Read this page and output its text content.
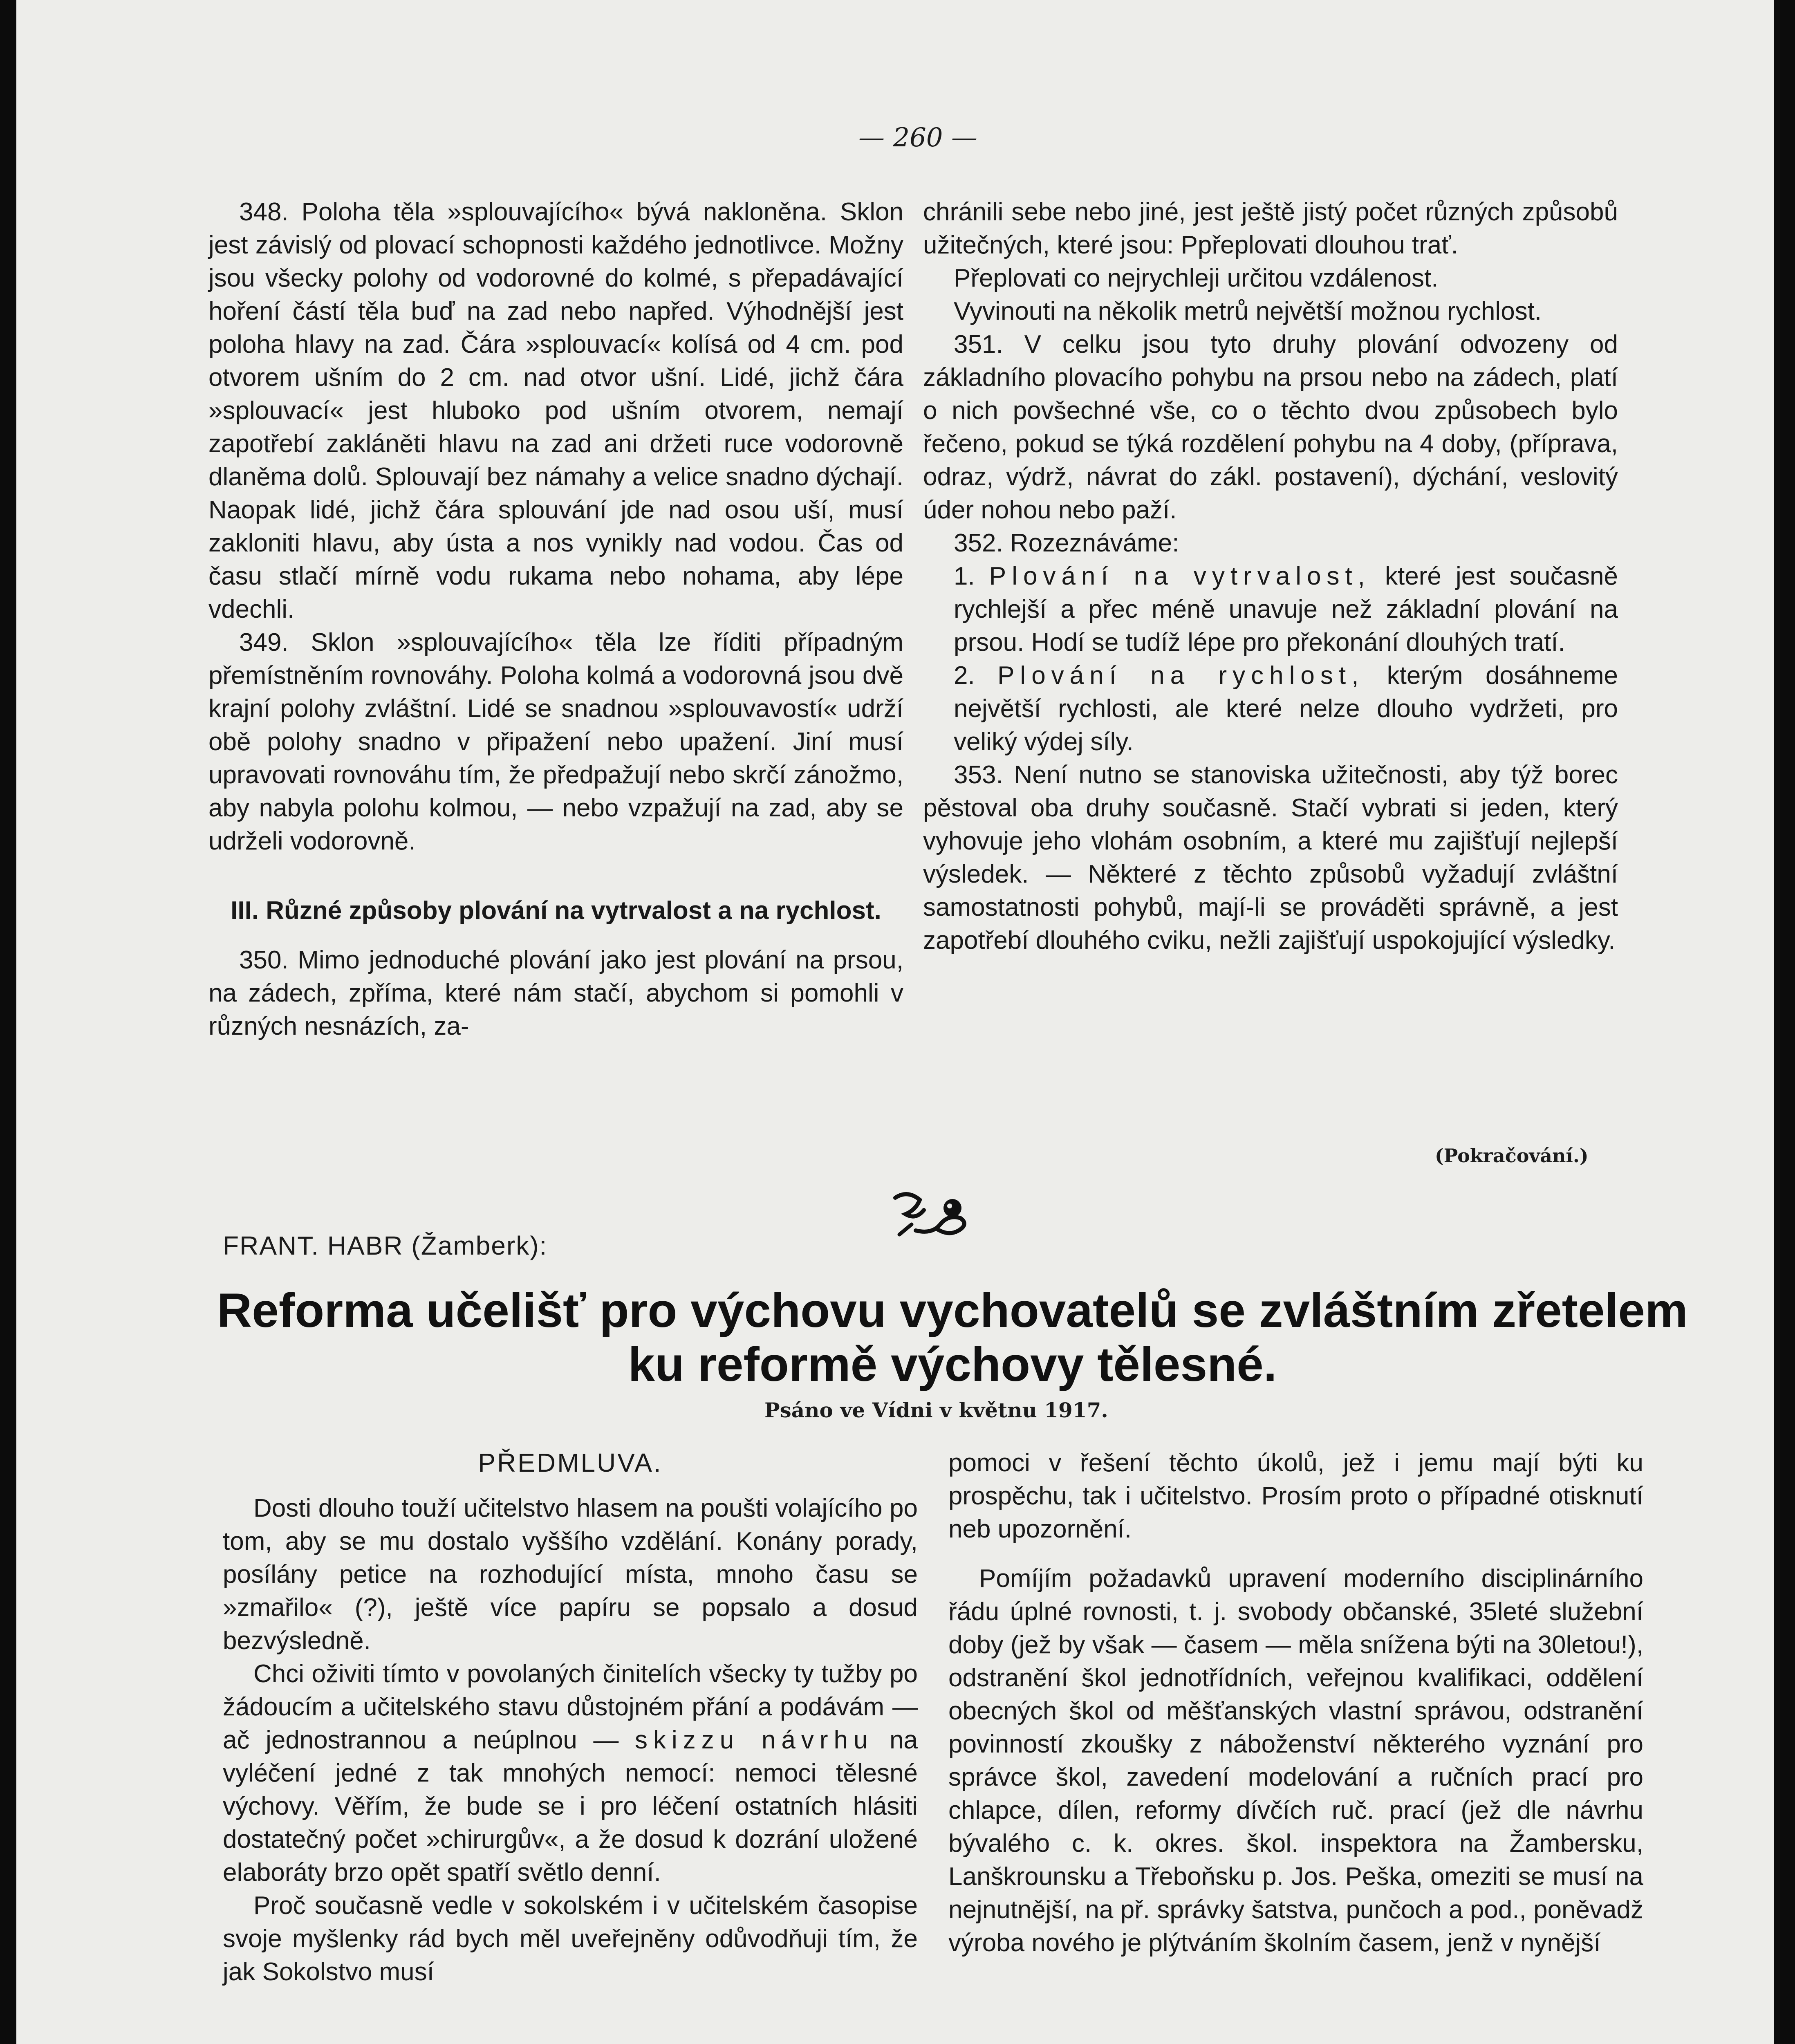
— 260 —

348. Poloha těla »splouvajícího« bývá nakloněna. Sklon jest závislý od plovací schopnosti každého jednotlivce. Možny jsou všecky polohy od vodorovné do kolmé, s přepadávající hoření částí těla buď na zad nebo napřed. Výhodnější jest poloha hlavy na zad. Čára »splouvací« kolísá od 4 cm. pod otvorem ušním do 2 cm. nad otvor ušní. Lidé, jichž čára »splouvací« jest hluboko pod ušním otvorem, nemají zapotřebí zakláněti hlavu na zad ani držeti ruce vodorovně dlaněma dolů. Splouvají bez námahy a velice snadno dýchají. Naopak lidé, jichž čára splouvání jde nad osou uší, musí zakloniti hlavu, aby ústa a nos vynikly nad vodou. Čas od času stlačí mírně vodu rukama nebo nohama, aby lépe vdechli.

349. Sklon »splouvajícího« těla lze říditi případným přemístněním rovnováhy. Poloha kolmá a vodorovná jsou dvě krajní polohy zvláštní. Lidé se snadnou »splouvavostí« udrží obě polohy snadno v připažení nebo upažení. Jiní musí upravovati rovnováhu tím, že předpažují nebo skrčí zánožmo, aby nabyla polohu kolmou, — nebo vzpažují na zad, aby se udrželi vodorovně.

III. Různé způsoby plování na vytrvalost a na rychlost.

350. Mimo jednoduché plování jako jest plování na prsou, na zádech, zpříma, které nám stačí, abychom si pomohli v různých nesnázích, za-

chránili sebe nebo jiné, jest ještě jistý počet různých způsobů užitečných, které jsou: Ppřeplovati dlouhou trať.

Přeplovati co nejrychleji určitou vzdálenost.

Vyvinouti na několik metrů největší možnou rychlost.

351. V celku jsou tyto druhy plování odvozeny od základního plovacího pohybu na prsou nebo na zádech, platí o nich povšechné vše, co o těchto dvou způsobech bylo řečeno, pokud se týká rozdělení pohybu na 4 doby, (příprava, odraz, výdrž, návrat do zákl. postavení), dýchání, veslovitý úder nohou nebo paží.

352. Rozeznáváme:

1. Plování na vytrvalost, které jest současně rychlejší a přec méně unavuje než základní plování na prsou. Hodí se tudíž lépe pro překonání dlouhých tratí.

2. Plování na rychlost, kterým dosáhneme největší rychlosti, ale které nelze dlouho vydržeti, pro veliký výdej síly.

353. Není nutno se stanoviska užitečnosti, aby týž borec pěstoval oba druhy současně. Stačí vybrati si jeden, který vyhovuje jeho vlohám osobním, a které mu zajišťují nejlepší výsledek. — Některé z těchto způsobů vyžadují zvláštní samostatnosti pohybů, mají-li se prováděti správně, a jest zapotřebí dlouhého cviku, nežli zajišťují uspokojující výsledky.

(Pokračování.)
FRANT. HABR (Žamberk):
Reforma učelišť pro výchovu vychovatelů se zvláštním zřetelem ku reformě výchovy tělesné.
Psáno ve Vídni v květnu 1917.
PŘEDMLUVA.

Dosti dlouho touží učitelstvo hlasem na poušti volajícího po tom, aby se mu dostalo vyššího vzdělání. Konány porady, posílány petice na rozhodující místa, mnoho času se »zmařilo« (?), ještě více papíru se popsalo a dosud bezvýsledně.

Chci oživiti tímto v povolaných činitelích všecky ty tužby po žádoucím a učitelského stavu důstojném přání a podávám — ač jednostrannou a neúplnou — skizzu návrhu na vyléčení jedné z tak mnohých nemocí: nemoci tělesné výchovy. Věřím, že bude se i pro léčení ostatních hlásiti dostatečný počet »chirurgův«, a že dosud k dozrání uložené elaboráty brzo opět spatří světlo denní.

Proč současně vedle v sokolském i v učitelském časopise svoje myšlenky rád bych měl uveřejněny odůvodňuji tím, že jak Sokolstvo musí

pomoci v řešení těchto úkolů, jež i jemu mají býti ku prospěchu, tak i učitelstvo. Prosím proto o případné otisknutí neb upozornění.

Pomíjím požadavků upravení moderního disciplinárního řádu úplné rovnosti, t. j. svobody občanské, 35leté služební doby (jež by však — časem — měla snížena býti na 30letou!), odstranění škol jednotřídních, veřejnou kvalifikaci, oddělení obecných škol od měšťanských vlastní správou, odstranění povinností zkoušky z náboženství některého vyznání pro správce škol, zavedení modelování a ručních prací pro chlapce, dílen, reformy dívčích ruč. prací (jež dle návrhu bývalého c. k. okres. škol. inspektora na Žambersku, Lanškrounsku a Třeboňsku p. Jos. Peška, omeziti se musí na nejnutnější, na př. správky šatstva, punčoch a pod., poněvadž výroba nového je plýtváním školním časem, jenž v nynější
